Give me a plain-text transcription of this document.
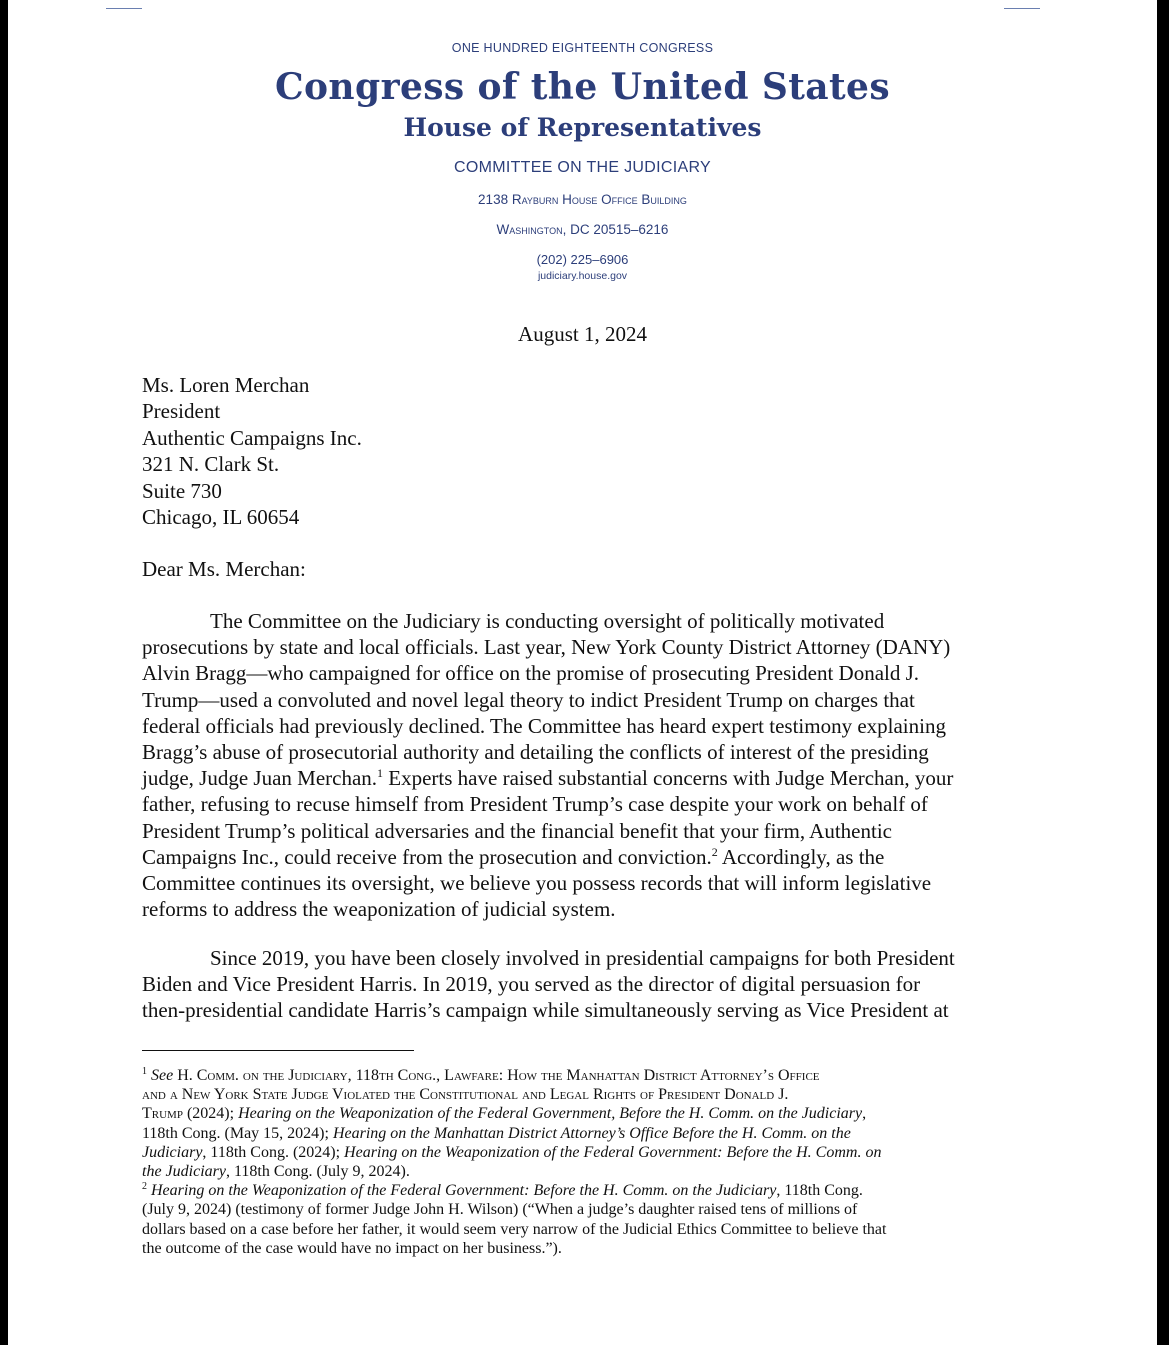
ONE HUNDRED EIGHTEENTH CONGRESS
Congress of the United States
House of Representatives
COMMITTEE ON THE JUDICIARY
2138 Rayburn House Office Building
Washington, DC 20515–6216
(202) 225–6906
judiciary.house.gov
August 1, 2024
Ms. Loren Merchan
President
Authentic Campaigns Inc.
321 N. Clark St.
Suite 730
Chicago, IL 60654
Dear Ms. Merchan:
The Committee on the Judiciary is conducting oversight of politically motivated
prosecutions by state and local officials. Last year, New York County District Attorney (DANY)
Alvin Bragg—who campaigned for office on the promise of prosecuting President Donald J.
Trump—used a convoluted and novel legal theory to indict President Trump on charges that
federal officials had previously declined. The Committee has heard expert testimony explaining
Bragg’s abuse of prosecutorial authority and detailing the conflicts of interest of the presiding
judge, Judge Juan Merchan.$^1$ Experts have raised substantial concerns with Judge Merchan, your
father, refusing to recuse himself from President Trump’s case despite your work on behalf of
President Trump’s political adversaries and the financial benefit that your firm, Authentic
Campaigns Inc., could receive from the prosecution and conviction.$^2$ Accordingly, as the
Committee continues its oversight, we believe you possess records that will inform legislative
reforms to address the weaponization of judicial system.
Since 2019, you have been closely involved in presidential campaigns for both President
Biden and Vice President Harris. In 2019, you served as the director of digital persuasion for
then-presidential candidate Harris’s campaign while simultaneously serving as Vice President at
$^1$ See H. Comm. on the Judiciary, 118th Cong., Lawfare: How the Manhattan District Attorney’s Office
and a New York State Judge Violated the Constitutional and Legal Rights of President Donald J.
Trump (2024); Hearing on the Weaponization of the Federal Government, Before the H. Comm. on the Judiciary,
118th Cong. (May 15, 2024); Hearing on the Manhattan District Attorney’s Office Before the H. Comm. on the
Judiciary, 118th Cong. (2024); Hearing on the Weaponization of the Federal Government: Before the H. Comm. on
the Judiciary, 118th Cong. (July 9, 2024).
$^2$ Hearing on the Weaponization of the Federal Government: Before the H. Comm. on the Judiciary, 118th Cong.
(July 9, 2024) (testimony of former Judge John H. Wilson) (“When a judge’s daughter raised tens of millions of
dollars based on a case before her father, it would seem very narrow of the Judicial Ethics Committee to believe that
the outcome of the case would have no impact on her business.”).
